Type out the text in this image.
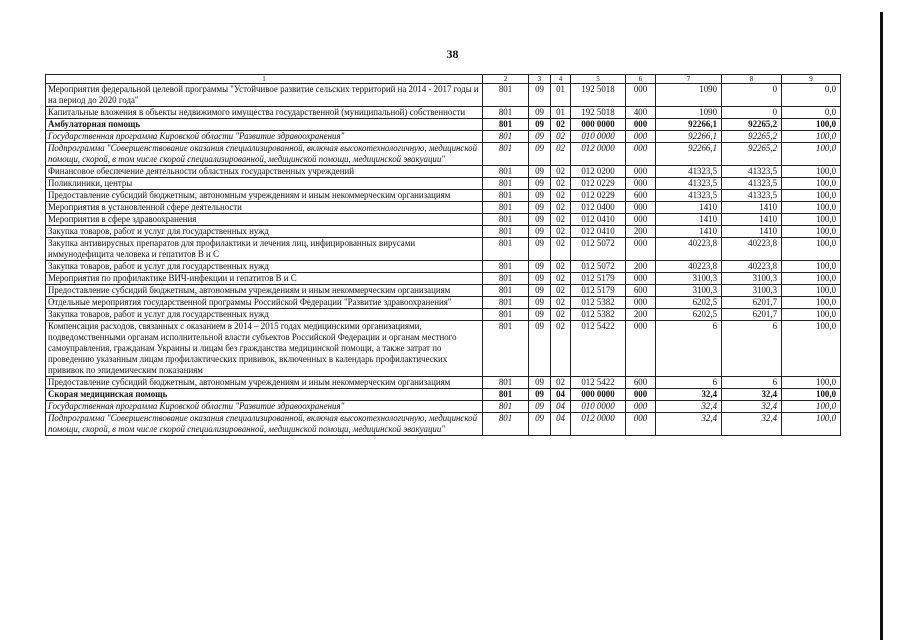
38
1	2	3	4	5	6	7	8	9
Мероприятия федеральной целевой программы "Устойчивое развитие сельских территорий на 2014 - 2017 годы и на период до 2020 года"	801	09	01	192 5018	000	1090	0	0,0
Капитальные вложения в объекты недвижимого имущества государственной (муниципальной) собственности	801	09	01	192 5018	400	1090	0	0,0
Амбулаторная помощь	801	09	02	000 0000	000	92266,1	92265,2	100,0
Государственная программа Кировской области "Развитие здравоохранения"	801	09	02	010 0000	000	92266,1	92265,2	100,0
Подпрограмма "Совершенствование оказания специализированной, включая высокотехнологичную, медицинской помощи, скорой, в том числе скорой специализированной, медицинской помощи, медицинской эвакуации"	801	09	02	012 0000	000	92266,1	92265,2	100,0
Финансовое обеспечение деятельности областных государственных учреждений	801	09	02	012 0200	000	41323,5	41323,5	100,0
Поликлиники, центры	801	09	02	012 0229	000	41323,5	41323,5	100,0
Предоставление субсидий бюджетным, автономным учреждениям и иным некоммерческим организациям	801	09	02	012 0229	600	41323,5	41323,5	100,0
Мероприятия в установленной сфере деятельности	801	09	02	012 0400	000	1410	1410	100,0
Мероприятия в сфере здравоохранения	801	09	02	012 0410	000	1410	1410	100,0
Закупка товаров, работ и услуг для государственных нужд	801	09	02	012 0410	200	1410	1410	100,0
Закупка антивирусных препаратов для профилактики и лечения лиц, инфицированных вирусами иммунодефицита человека и гепатитов В и С	801	09	02	012 5072	000	40223,8	40223,8	100,0
Закупка товаров, работ и услуг для государственных нужд	801	09	02	012 5072	200	40223,8	40223,8	100,0
Мероприятия по профилактике ВИЧ-инфекции и гепатитов В и С	801	09	02	012 5179	000	3100,3	3100,3	100,0
Предоставление субсидий бюджетным, автономным учреждениям и иным некоммерческим организациям	801	09	02	012 5179	600	3100,3	3100,3	100,0
Отдельные мероприятия государственной программы Российской Федерации "Развитие здравоохранения"	801	09	02	012 5382	000	6202,5	6201,7	100,0
Закупка товаров, работ и услуг для государственных нужд	801	09	02	012 5382	200	6202,5	6201,7	100,0
Компенсация расходов, связанных с оказанием в 2014 – 2015 годах медицинскими организациями, подведомственными органам исполнительной власти субъектов Российской Федерации и органам местного самоуправления, гражданам Украины и лицам без гражданства медицинской помощи, а также затрат по проведению указанным лицам профилактических прививок, включенных в календарь профилактических прививок по эпидемическим показаниям	801	09	02	012 5422	000	6	6	100,0
Предоставление субсидий бюджетным, автономным учреждениям и иным некоммерческим организациям	801	09	02	012 5422	600	6	6	100,0
Скорая медицинская помощь	801	09	04	000 0000	000	32,4	32,4	100,0
Государственная программа Кировской области "Развитие здравоохранения"	801	09	04	010 0000	000	32,4	32,4	100,0
Подпрограмма "Совершенствование оказания специализированной, включая высокотехнологичную, медицинской помощи, скорой, в том числе скорой специализированной, медицинской помощи, медицинской эвакуации"	801	09	04	012 0000	000	32,4	32,4	100,0
